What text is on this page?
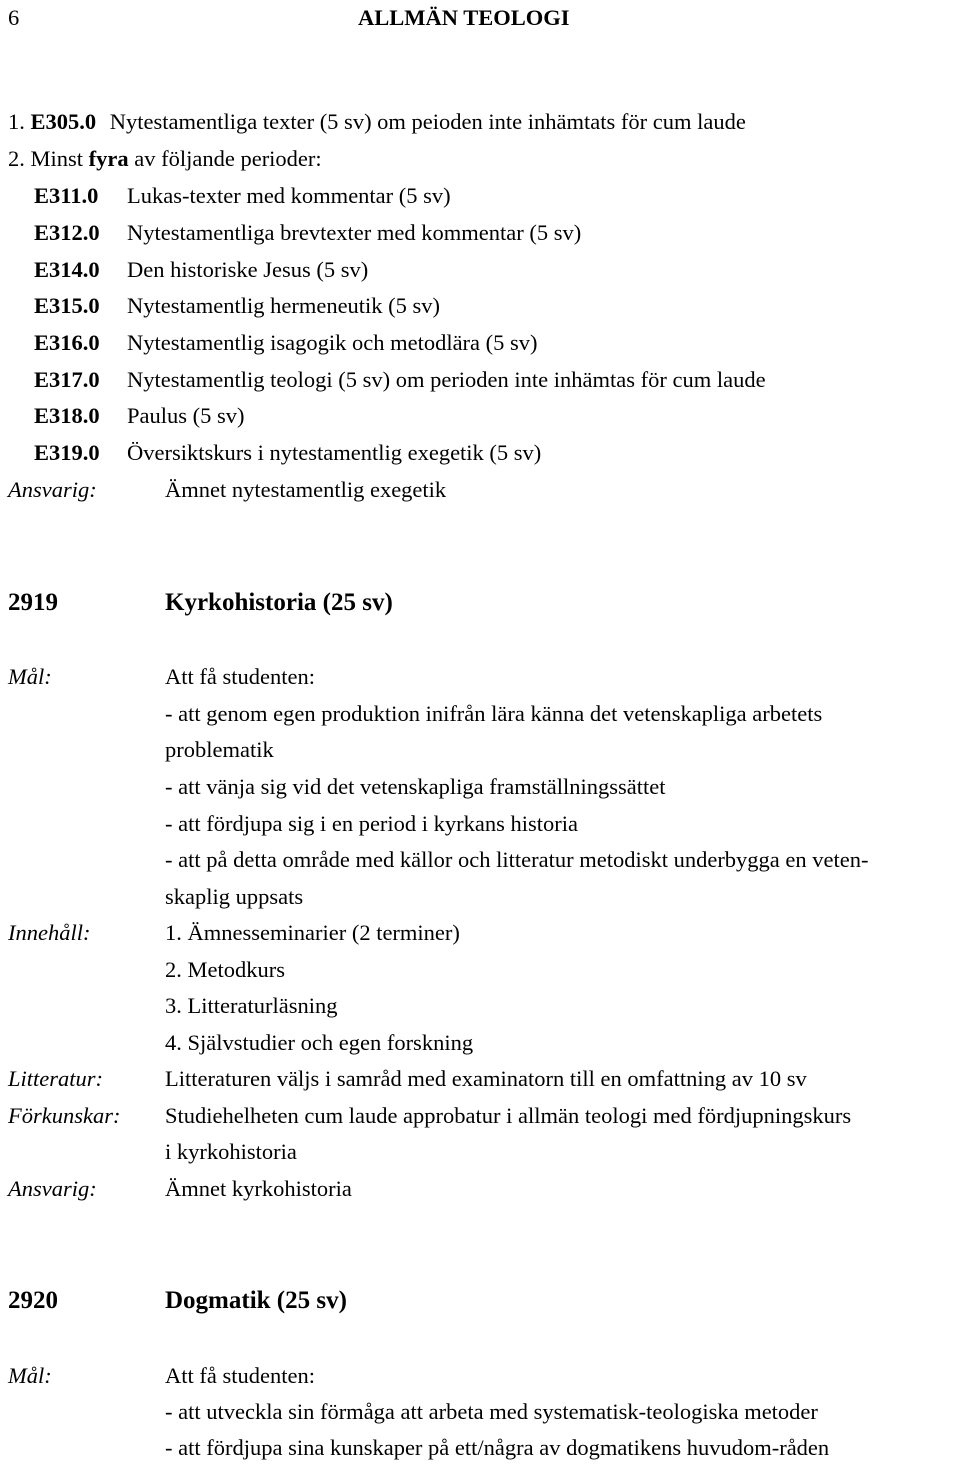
6	ALLMÄN TEOLOGI
1. E305.0 Nytestamentliga texter (5 sv) om peioden inte inhämtats för cum laude
2. Minst fyra av följande perioder:
E311.0 Lukas-texter med kommentar (5 sv)
E312.0 Nytestamentliga brevtexter med kommentar (5 sv)
E314.0 Den historiske Jesus (5 sv)
E315.0 Nytestamentlig hermeneutik (5 sv)
E316.0 Nytestamentlig isagogik och metodlära (5 sv)
E317.0 Nytestamentlig teologi (5 sv) om perioden inte inhämtas för cum laude
E318.0 Paulus (5 sv)
E319.0 Översiktskurs i nytestamentlig exegetik (5 sv)
Ansvarig:	Ämnet nytestamentlig exegetik
2919	Kyrkohistoria (25 sv)
Mål:	Att få studenten:
- att genom egen produktion inifrån lära känna det vetenskapliga arbetets
problematik
- att vänja sig vid det vetenskapliga framställningssättet
- att fördjupa sig i en period i kyrkans historia
- att på detta område med källor och litteratur metodiskt underbygga en veten-
skaplig uppsats
Innehåll:	1. Ämnesseminarier (2 terminer)
2. Metodkurs
3. Litteraturläsning
4. Självstudier och egen forskning
Litteratur:	Litteraturen väljs i samråd med examinatorn till en omfattning av 10 sv
Förkunskar: Studiehelheten cum laude approbatur i allmän teologi med fördjupningskurs
i kyrkohistoria
Ansvarig:	Ämnet kyrkohistoria
2920	Dogmatik (25 sv)
Mål:	Att få studenten:
- att utveckla sin förmåga att arbeta med systematisk-teologiska metoder
- att fördjupa sina kunskaper på ett/några av dogmatikens huvudom-råden
